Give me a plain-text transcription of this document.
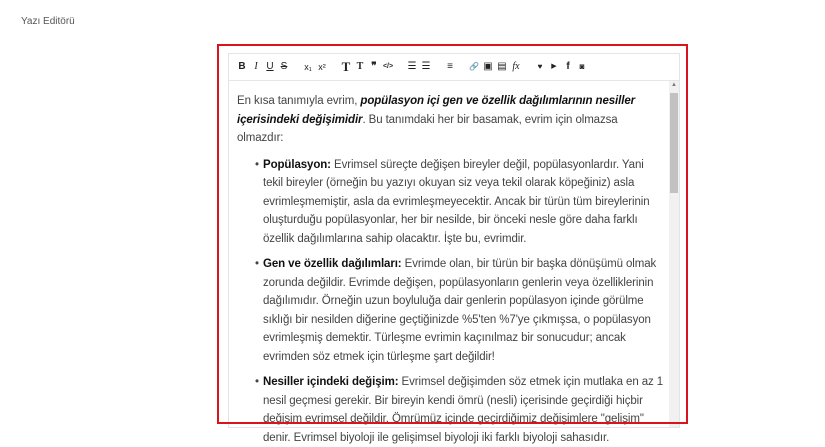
Yazı Editörü
B I U S	x₁ x² T T ❞ </> ☰ ☰	≡	🔗 ▣ ▤ fx	♥	▶ f	◙

En kısa tanımıyla evrim, popülasyon içi gen ve özellik dağılımlarının nesiller içerisindeki değişimidir. Bu tanımdaki her bir basamak, evrim için olmazsa olmazdır:

• Popülasyon: Evrimsel süreçte değişen bireyler değil, popülasyonlardır. Yani tekil bireyler (örneğin bu yazıyı okuyan siz veya tekil olarak köpeğiniz) asla evrimleşmemiştir, asla da evrimleşmeyecektir. Ancak bir türün tüm bireylerinin oluşturduğu popülasyonlar, her bir nesilde, bir önceki nesle göre daha farklı özellik dağılımlarına sahip olacaktır. İşte bu, evrimdir.
• Gen ve özellik dağılımları: Evrimde olan, bir türün bir başka dönüşümü olmak zorunda değildir. Evrimde değişen, popülasyonların genlerin veya özelliklerinin dağılımıdır. Örneğin uzun boyluluğa dair genlerin popülasyon içinde görülme sıklığı bir nesilden diğerine geçtiğinizde %5'ten %7'ye çıkmışsa, o popülasyon evrimleşmiş demektir. Türleşme evrimin kaçınılmaz bir sonucudur; ancak evrimden söz etmek için türleşme şart değildir!
• Nesiller içindeki değişim: Evrimsel değişimden söz etmek için mutlaka en az 1 nesil geçmesi gerekir. Bir bireyin kendi ömrü (nesli) içerisinde geçirdiği hiçbir değişim evrimsel değildir. Ömrümüz içinde geçirdiğimiz değişimlere "gelişim" denir. Evrimsel biyoloji ile gelişimsel biyoloji iki farklı biyoloji sahasıdır.
▲
